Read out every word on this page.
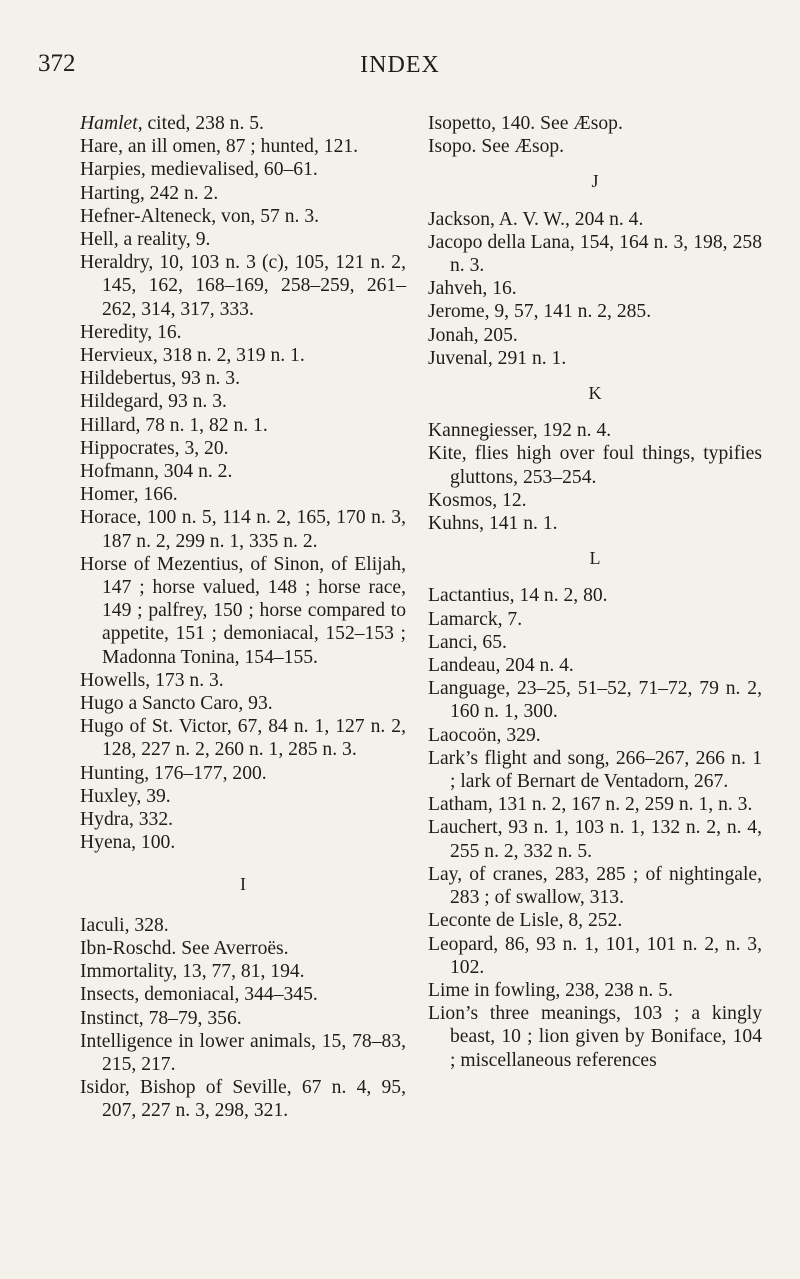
372	INDEX
Hamlet, cited, 238 n. 5.
Hare, an ill omen, 87 ; hunted, 121.
Harpies, medievalised, 60–61.
Harting, 242 n. 2.
Hefner-Alteneck, von, 57 n. 3.
Hell, a reality, 9.
Heraldry, 10, 103 n. 3 (c), 105, 121 n. 2, 145, 162, 168–169, 258–259, 261–262, 314, 317, 333.
Heredity, 16.
Hervieux, 318 n. 2, 319 n. 1.
Hildebertus, 93 n. 3.
Hildegard, 93 n. 3.
Hillard, 78 n. 1, 82 n. 1.
Hippocrates, 3, 20.
Hofmann, 304 n. 2.
Homer, 166.
Horace, 100 n. 5, 114 n. 2, 165, 170 n. 3, 187 n. 2, 299 n. 1, 335 n. 2.
Horse of Mezentius, of Sinon, of Elijah, 147 ; horse valued, 148 ; horse race, 149 ; palfrey, 150 ; horse compared to appetite, 151 ; demoniacal, 152–153 ; Madonna Tonina, 154–155.
Howells, 173 n. 3.
Hugo a Sancto Caro, 93.
Hugo of St. Victor, 67, 84 n. 1, 127 n. 2, 128, 227 n. 2, 260 n. 1, 285 n. 3.
Hunting, 176–177, 200.
Huxley, 39.
Hydra, 332.
Hyena, 100.
I
Iaculi, 328.
Ibn-Roschd. See Averroës.
Immortality, 13, 77, 81, 194.
Insects, demoniacal, 344–345.
Instinct, 78–79, 356.
Intelligence in lower animals, 15, 78–83, 215, 217.
Isidor, Bishop of Seville, 67 n. 4, 95, 207, 227 n. 3, 298, 321.
Isopetto, 140. See Æsop.
Isopo. See Æsop.
J
Jackson, A. V. W., 204 n. 4.
Jacopo della Lana, 154, 164 n. 3, 198, 258 n. 3.
Jahveh, 16.
Jerome, 9, 57, 141 n. 2, 285.
Jonah, 205.
Juvenal, 291 n. 1.
K
Kannegiesser, 192 n. 4.
Kite, flies high over foul things, typifies gluttons, 253–254.
Kosmos, 12.
Kuhns, 141 n. 1.
L
Lactantius, 14 n. 2, 80.
Lamarck, 7.
Lanci, 65.
Landeau, 204 n. 4.
Language, 23–25, 51–52, 71–72, 79 n. 2, 160 n. 1, 300.
Laocoön, 329.
Lark’s flight and song, 266–267, 266 n. 1 ; lark of Bernart de Ventadorn, 267.
Latham, 131 n. 2, 167 n. 2, 259 n. 1, n. 3.
Lauchert, 93 n. 1, 103 n. 1, 132 n. 2, n. 4, 255 n. 2, 332 n. 5.
Lay, of cranes, 283, 285 ; of nightingale, 283 ; of swallow, 313.
Leconte de Lisle, 8, 252.
Leopard, 86, 93 n. 1, 101, 101 n. 2, n. 3, 102.
Lime in fowling, 238, 238 n. 5.
Lion’s three meanings, 103 ; a kingly beast, 10 ; lion given by Boniface, 104 ; miscellaneous references
